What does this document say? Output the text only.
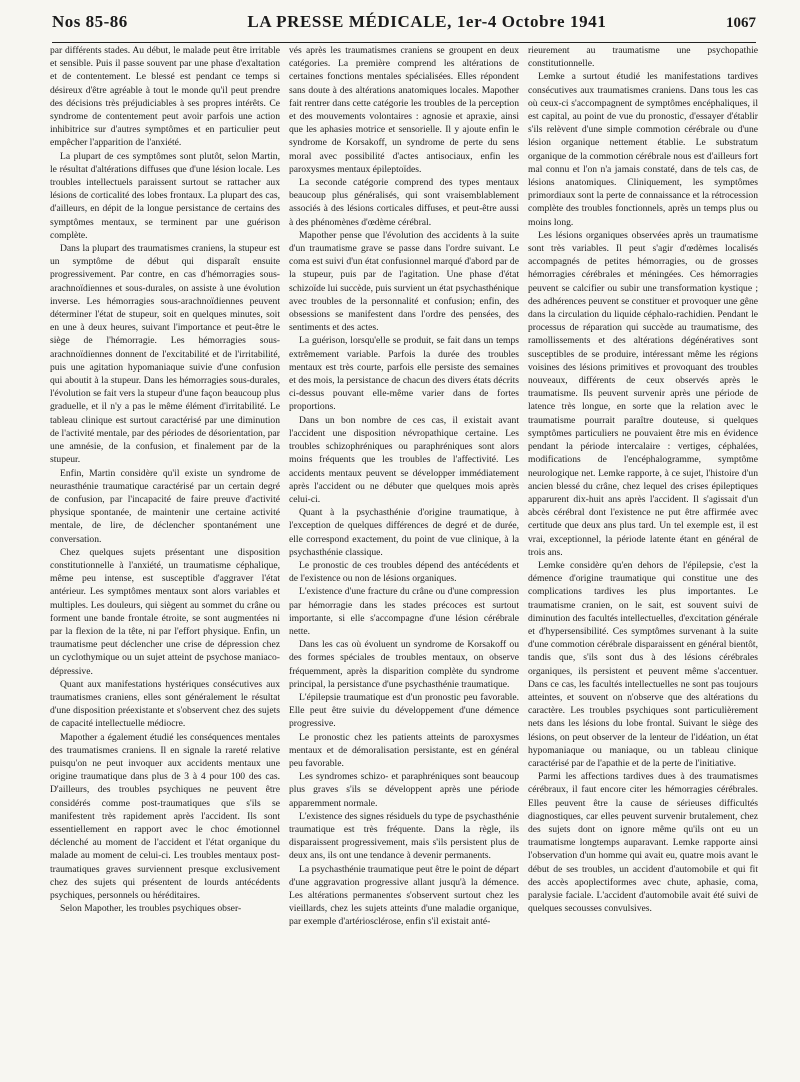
Nos 85-86	LA PRESSE MÉDICALE, 1er-4 Octobre 1941	1067

par différents stades. Au début, le malade peut être irritable et sensible. Puis il passe souvent par une phase d'exaltation et de contentement. Le blessé est pendant ce temps si désireux d'être agréable à tout le monde qu'il peut prendre des décisions très préjudiciables à ses propres intérêts. Ce syndrome de contentement peut avoir parfois une action inhibitrice sur d'autres symptômes et en particulier peut empêcher l'apparition de l'anxiété.

La plupart de ces symptômes sont plutôt, selon Martin, le résultat d'altérations diffuses que d'une lésion locale. Les troubles intellectuels paraissent surtout se rattacher aux lésions de corticalité des lobes frontaux. La plupart des cas, d'ailleurs, en dépit de la longue persistance de certains des symptômes mentaux, se terminent par une guérison complète.

Dans la plupart des traumatismes craniens, la stupeur est un symptôme de début qui disparaît ensuite progressivement. Par contre, en cas d'hémorragies sous-arachnoïdiennes et sous-durales, on assiste à une évolution inverse. Les hémorragies sous-arachnoïdiennes peuvent déterminer l'état de stupeur, soit en quelques minutes, soit en une à deux heures, suivant l'importance et peut-être le siège de l'hémorragie. Les hémorragies sous-arachnoïdiennes donnent de l'excitabilité et de l'irritabilité, puis une agitation hypomaniaque suivie d'une confusion qui aboutit à la stupeur. Dans les hémorragies sous-durales, l'évolution se fait vers la stupeur d'une façon beaucoup plus graduelle, et il n'y a pas le même élément d'irritabilité. Le tableau clinique est surtout caractérisé par une diminution de l'activité mentale, par des périodes de désorientation, par une amnésie, de la confusion, et finalement par de la stupeur.

Enfin, Martin considère qu'il existe un syndrome de neurasthénie traumatique caractérisé par un certain degré de confusion, par l'incapacité de faire preuve d'activité physique spontanée, de maintenir une certaine activité mentale, de lire, de déclencher spontanément une conversation.

Chez quelques sujets présentant une disposition constitutionnelle à l'anxiété, un traumatisme céphalique, même peu intense, est susceptible d'aggraver l'état antérieur. Les symptômes mentaux sont alors variables et multiples. Les douleurs, qui siègent au sommet du crâne ou forment une bande frontale étroite, se sont augmentées ni par la flexion de la tête, ni par l'effort physique. Enfin, un traumatisme peut déclencher une crise de dépression chez un cyclothymique ou un sujet atteint de psychose maniaco-dépressive.

Quant aux manifestations hystériques consécutives aux traumatismes craniens, elles sont généralement le résultat d'une disposition préexistante et s'observent chez des sujets de capacité intellectuelle médiocre.

Mapother a également étudié les conséquences mentales des traumatismes craniens. Il en signale la rareté relative puisqu'on ne peut invoquer aux accidents mentaux une origine traumatique dans plus de 3 à 4 pour 100 des cas. D'ailleurs, des troubles psychiques ne peuvent être considérés comme post-traumatiques que s'ils se manifestent très rapidement après l'accident. Ils sont essentiellement en rapport avec le choc émotionnel déclenché au moment de l'accident et l'état organique du malade au moment de celui-ci. Les troubles mentaux post-traumatiques graves surviennent presque exclusivement chez des sujets qui présentent de lourds antécédents psychiques, personnels ou héréditaires.

Selon Mapother, les troubles psychiques obser-

vés après les traumatismes craniens se groupent en deux catégories. La première comprend les altérations de certaines fonctions mentales spécialisées. Elles répondent sans doute à des altérations anatomiques locales. Mapother fait rentrer dans cette catégorie les troubles de la perception et des mouvements volontaires : agnosie et apraxie, ainsi que les aphasies motrice et sensorielle. Il y ajoute enfin le syndrome de Korsakoff, un syndrome de perte du sens moral avec possibilité d'actes antisociaux, enfin les paroxysmes mentaux épileptoïdes.

La seconde catégorie comprend des types mentaux beaucoup plus généralisés, qui sont vraisemblablement associés à des lésions corticales diffuses, et peut-être aussi à des phénomènes d'œdème cérébral.

Mapother pense que l'évolution des accidents à la suite d'un traumatisme grave se passe dans l'ordre suivant. Le coma est suivi d'un état confusionnel marqué d'abord par de la stupeur, puis par de l'agitation. Une phase d'état schizoïde lui succède, puis survient un état psychasthénique avec troubles de la personnalité et confusion; enfin, des obsessions se manifestent dans l'ordre des pensées, des sentiments et des actes.

La guérison, lorsqu'elle se produit, se fait dans un temps extrêmement variable. Parfois la durée des troubles mentaux est très courte, parfois elle persiste des semaines et des mois, la persistance de chacun des divers états décrits ci-dessus pouvant elle-même varier dans de fortes proportions.

Dans un bon nombre de ces cas, il existait avant l'accident une disposition névropathique certaine. Les troubles schizophréniques ou paraphréniques sont alors moins fréquents que les troubles de l'affectivité. Les accidents mentaux peuvent se développer immédiatement après l'accident ou ne débuter que quelques mois après celui-ci.

Quant à la psychasthénie d'origine traumatique, à l'exception de quelques différences de degré et de durée, elle correspond exactement, du point de vue clinique, à la psychasthénie classique.

Le pronostic de ces troubles dépend des antécédents et de l'existence ou non de lésions organiques.

L'existence d'une fracture du crâne ou d'une compression par hémorragie dans les stades précoces est surtout importante, si elle s'accompagne d'une lésion cérébrale nette.

Dans les cas où évoluent un syndrome de Korsakoff ou des formes spéciales de troubles mentaux, on observe fréquemment, après la disparition complète du syndrome principal, la persistance d'une psychasthénie traumatique.

L'épilepsie traumatique est d'un pronostic peu favorable. Elle peut être suivie du développement d'une démence progressive.

Le pronostic chez les patients atteints de paroxysmes mentaux et de démoralisation persistante, est en général peu favorable.

Les syndromes schizo- et paraphréniques sont beaucoup plus graves s'ils se développent après une période apparemment normale.

L'existence des signes résiduels du type de psychasthénie traumatique est très fréquente. Dans la règle, ils disparaissent progressivement, mais s'ils persistent plus de deux ans, ils ont une tendance à devenir permanents.

La psychasthénie traumatique peut être le point de départ d'une aggravation progressive allant jusqu'à la démence. Les altérations permanentes s'observent surtout chez les vieillards, chez les sujets atteints d'une maladie organique, par exemple d'artériosclérose, enfin s'il existait anté-

rieurement au traumatisme une psychopathie constitutionnelle.

Lemke a surtout étudié les manifestations tardives consécutives aux traumatismes craniens. Dans tous les cas où ceux-ci s'accompagnent de symptômes encéphaliques, il est capital, au point de vue du pronostic, d'essayer d'établir s'ils relèvent d'une simple commotion cérébrale ou d'une lésion organique nettement établie. Le substratum organique de la commotion cérébrale nous est d'ailleurs fort mal connu et l'on n'a jamais constaté, dans de tels cas, de lésions anatomiques. Cliniquement, les symptômes primordiaux sont la perte de connaissance et la rétrocession complète des troubles fonctionnels, après un temps plus ou moins long.

Les lésions organiques observées après un traumatisme sont très variables. Il peut s'agir d'œdèmes localisés accompagnés de petites hémorragies, ou de grosses hémorragies cérébrales et méningées. Ces hémorragies peuvent se calcifier ou subir une transformation kystique ; des adhérences peuvent se constituer et provoquer une gêne dans la circulation du liquide céphalo-rachidien. Pendant le processus de réparation qui succède au traumatisme, des ramollissements et des altérations dégénératives sont susceptibles de se produire, intéressant même les régions voisines des lésions primitives et provoquant des troubles nouveaux, différents de ceux observés après le traumatisme. Ils peuvent survenir après une période de latence très longue, en sorte que la relation avec le traumatisme pourrait paraître douteuse, si quelques symptômes particuliers ne pouvaient être mis en évidence pendant la période intercalaire : vertiges, céphalées, modifications de l'encéphalogramme, symptôme neurologique net. Lemke rapporte, à ce sujet, l'histoire d'un ancien blessé du crâne, chez lequel des crises épileptiques apparurent dix-huit ans après l'accident. Il s'agissait d'un abcès cérébral dont l'existence ne put être affirmée avec certitude que deux ans plus tard. Un tel exemple est, il est vrai, exceptionnel, la période latente étant en général de trois ans.

Lemke considère qu'en dehors de l'épilepsie, c'est la démence d'origine traumatique qui constitue une des complications tardives les plus importantes. Le traumatisme cranien, on le sait, est souvent suivi de diminution des facultés intellectuelles, d'excitation générale et d'hypersensibilité. Ces symptômes survenant à la suite d'une commotion cérébrale disparaissent en général bientôt, tandis que, s'ils sont dus à des lésions cérébrales organiques, ils persistent et peuvent même s'accentuer. Dans ce cas, les facultés intellectuelles ne sont pas toujours atteintes, et souvent on n'observe que des altérations du caractère. Les troubles psychiques sont particulièrement nets dans les lésions du lobe frontal. Suivant le siège des lésions, on peut observer de la lenteur de l'idéation, un état hypomaniaque ou maniaque, ou un tableau clinique caractérisé par de l'apathie et de la perte de l'initiative.

Parmi les affections tardives dues à des traumatismes cérébraux, il faut encore citer les hémorragies cérébrales. Elles peuvent être la cause de sérieuses difficultés diagnostiques, car elles peuvent survenir brutalement, chez des sujets dont on ignore même qu'ils ont eu un traumatisme longtemps auparavant. Lemke rapporte ainsi l'observation d'un homme qui avait eu, quatre mois avant le début de ses troubles, un accident d'automobile et qui fit des accès apoplectiformes avec chute, aphasie, coma, paralysie faciale. L'accident d'automobile avait été suivi de quelques secousses convulsives.
